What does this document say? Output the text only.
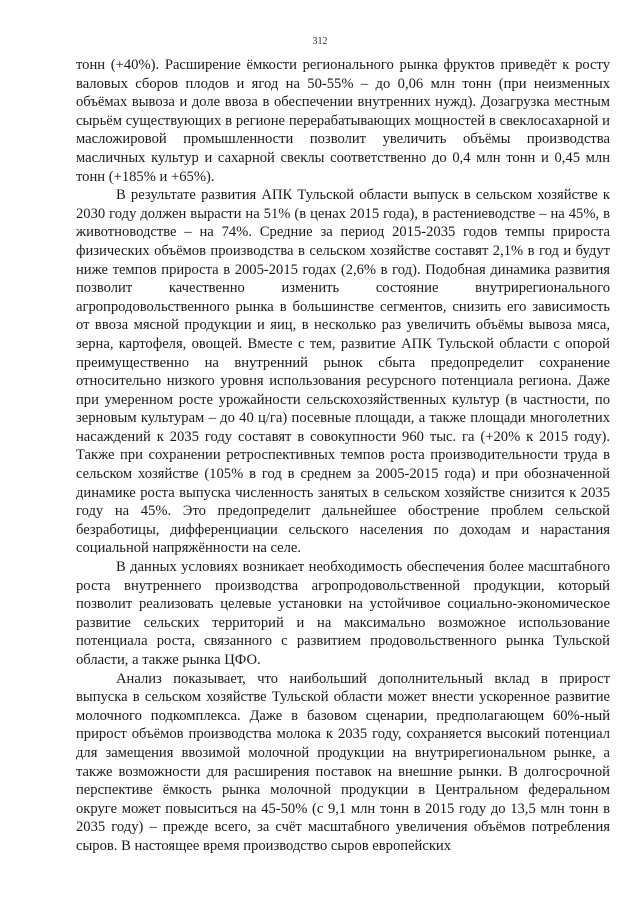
312

тонн (+40%). Расширение ёмкости регионального рынка фруктов приведёт к росту валовых сборов плодов и ягод на 50-55% – до 0,06 млн тонн (при неизменных объёмах вывоза и доле ввоза в обеспечении внутренних нужд). Дозагрузка местным сырьём существующих в регионе перерабатывающих мощностей в свеклосахарной и масложировой промышленности позволит увеличить объёмы производства масличных культур и сахарной свеклы соответственно до 0,4 млн тонн и 0,45 млн тонн (+185% и +65%).

В результате развития АПК Тульской области выпуск в сельском хозяйстве к 2030 году должен вырасти на 51% (в ценах 2015 года), в растениеводстве – на 45%, в животноводстве – на 74%. Средние за период 2015-2035 годов темпы прироста физических объёмов производства в сельском хозяйстве составят 2,1% в год и будут ниже темпов прироста в 2005-2015 годах (2,6% в год). Подобная динамика развития позволит качественно изменить состояние внутрирегионального агропродовольственного рынка в большинстве сегментов, снизить его зависимость от ввоза мясной продукции и яиц, в несколько раз увеличить объёмы вывоза мяса, зерна, картофеля, овощей. Вместе с тем, развитие АПК Тульской области с опорой преимущественно на внутренний рынок сбыта предопределит сохранение относительно низкого уровня использования ресурсного потенциала региона. Даже при умеренном росте урожайности сельскохозяйственных культур (в частности, по зерновым культурам – до 40 ц/га) посевные площади, а также площади многолетних насаждений к 2035 году составят в совокупности 960 тыс. га (+20% к 2015 году). Также при сохранении ретроспективных темпов роста производительности труда в сельском хозяйстве (105% в год в среднем за 2005-2015 года) и при обозначенной динамике роста выпуска численность занятых в сельском хозяйстве снизится к 2035 году на 45%. Это предопределит дальнейшее обострение проблем сельской безработицы, дифференциации сельского населения по доходам и нарастания социальной напряжённости на селе.

В данных условиях возникает необходимость обеспечения более масштабного роста внутреннего производства агропродовольственной продукции, который позволит реализовать целевые установки на устойчивое социально-экономическое развитие сельских территорий и на максимально возможное использование потенциала роста, связанного с развитием продовольственного рынка Тульской области, а также рынка ЦФО.

Анализ показывает, что наибольший дополнительный вклад в прирост выпуска в сельском хозяйстве Тульской области может внести ускоренное развитие молочного подкомплекса. Даже в базовом сценарии, предполагающем 60%-ный прирост объёмов производства молока к 2035 году, сохраняется высокий потенциал для замещения ввозимой молочной продукции на внутрирегиональном рынке, а также возможности для расширения поставок на внешние рынки. В долгосрочной перспективе ёмкость рынка молочной продукции в Центральном федеральном округе может повыситься на 45-50% (с 9,1 млн тонн в 2015 году до 13,5 млн тонн в 2035 году) – прежде всего, за счёт масштабного увеличения объёмов потребления сыров. В настоящее время производство сыров европейских
